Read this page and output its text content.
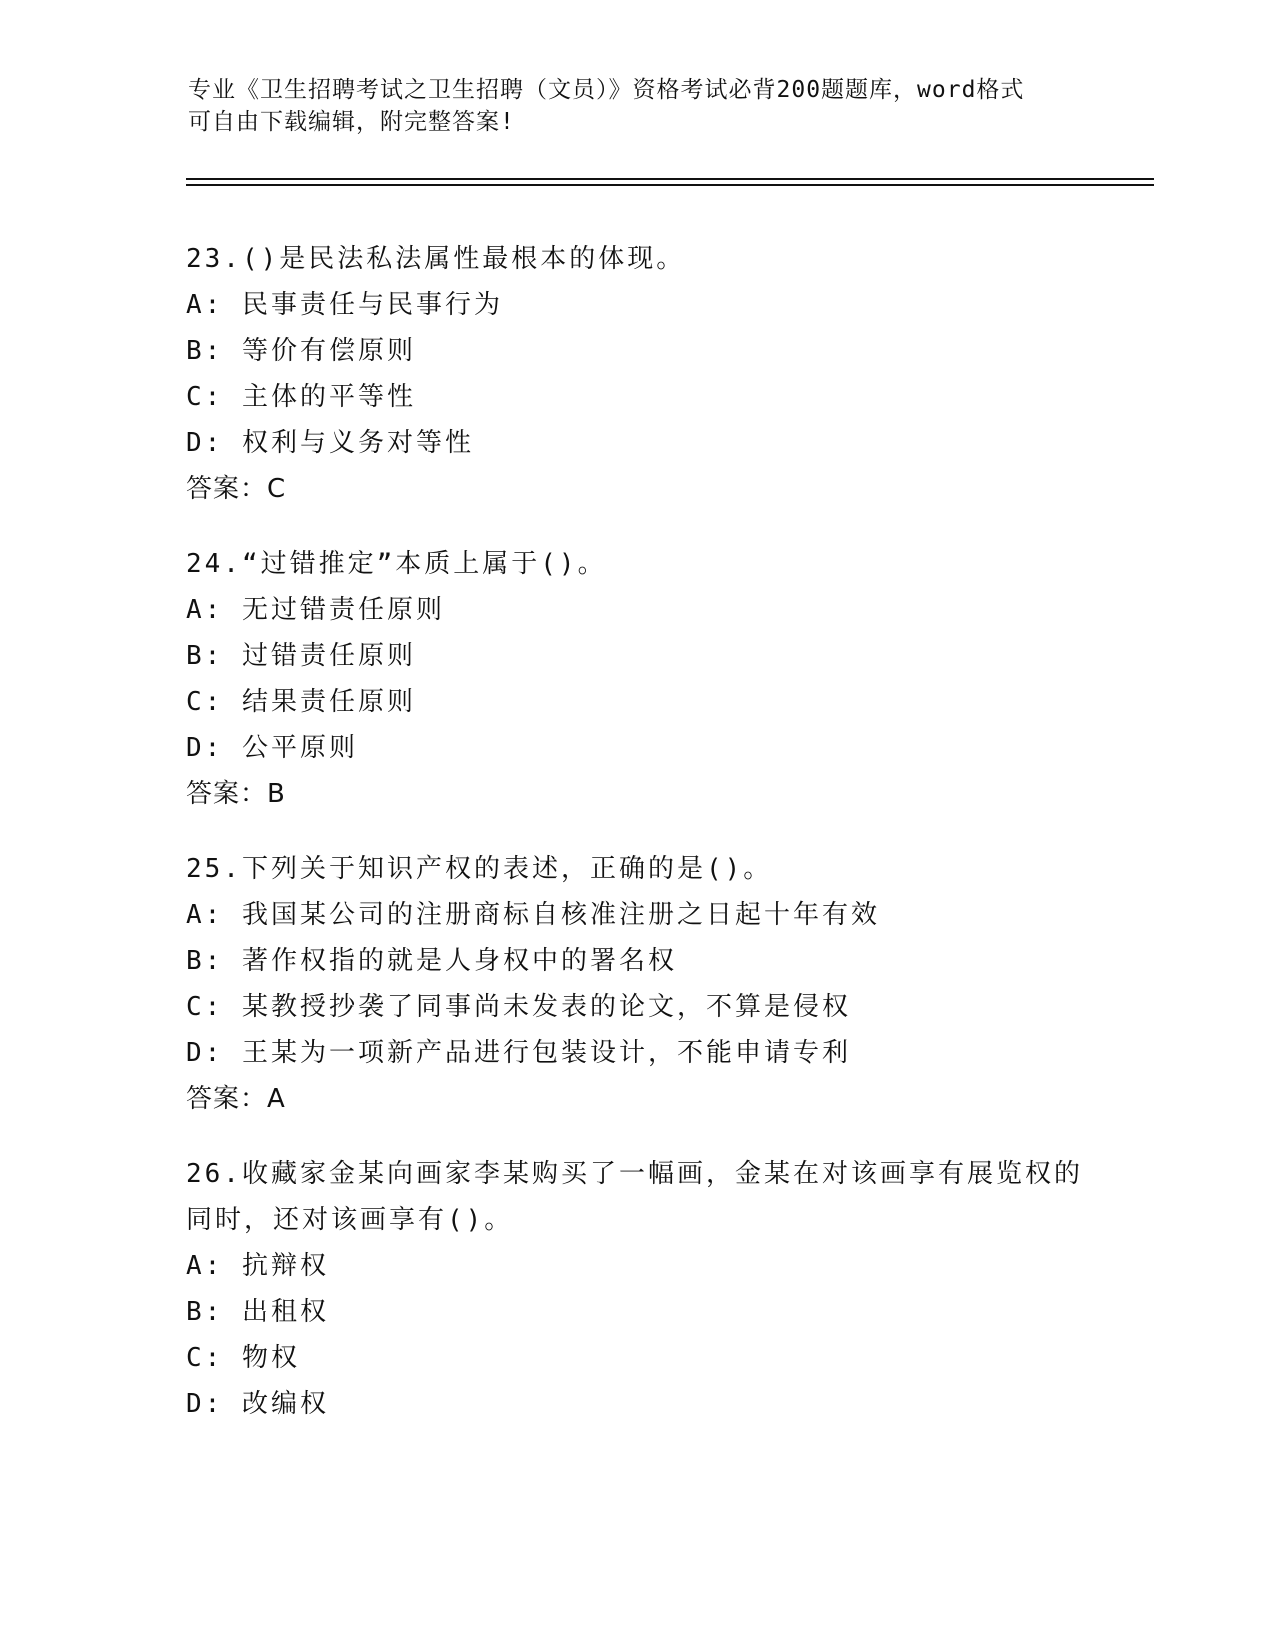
专业《卫生招聘考试之卫生招聘（文员）》资格考试必背200题题库，word格式
可自由下载编辑，附完整答案!
23.()是民法私法属性最根本的体现。
A: 民事责任与民事行为
B: 等价有偿原则
C: 主体的平等性
D: 权利与义务对等性
答案：C
24.“过错推定”本质上属于()。
A: 无过错责任原则
B: 过错责任原则
C: 结果责任原则
D: 公平原则
答案：B
25.下列关于知识产权的表述，正确的是()。
A: 我国某公司的注册商标自核准注册之日起十年有效
B: 著作权指的就是人身权中的署名权
C: 某教授抄袭了同事尚未发表的论文，不算是侵权
D: 王某为一项新产品进行包装设计，不能申请专利
答案：A
26.收藏家金某向画家李某购买了一幅画，金某在对该画享有展览权的
同时，还对该画享有()。
A: 抗辩权
B: 出租权
C: 物权
D: 改编权
